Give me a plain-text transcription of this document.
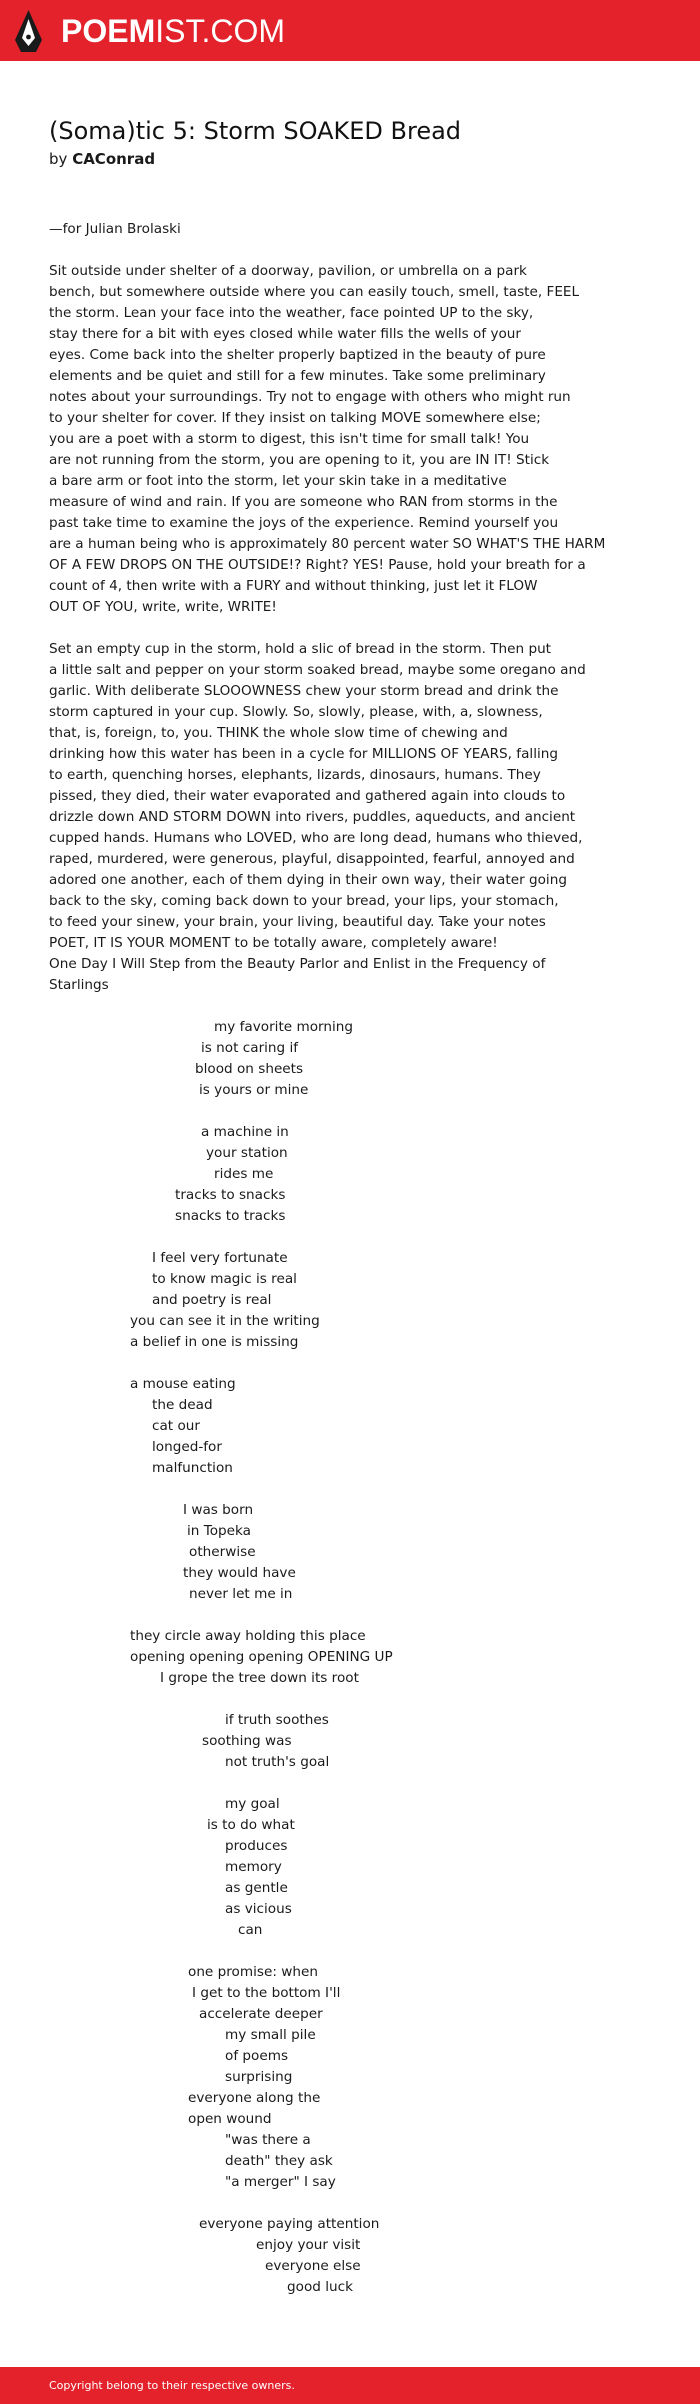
POEMIST.COM
(Soma)tic 5: Storm SOAKED Bread
by CAConrad
—for Julian Brolaski
Sit outside under shelter of a doorway, pavilion, or umbrella on a park
bench, but somewhere outside where you can easily touch, smell, taste, FEEL
the storm. Lean your face into the weather, face pointed UP to the sky,
stay there for a bit with eyes closed while water fills the wells of your
eyes. Come back into the shelter properly baptized in the beauty of pure
elements and be quiet and still for a few minutes. Take some preliminary
notes about your surroundings. Try not to engage with others who might run
to your shelter for cover. If they insist on talking MOVE somewhere else;
you are a poet with a storm to digest, this isn't time for small talk! You
are not running from the storm, you are opening to it, you are IN IT! Stick
a bare arm or foot into the storm, let your skin take in a meditative
measure of wind and rain. If you are someone who RAN from storms in the
past take time to examine the joys of the experience. Remind yourself you
are a human being who is approximately 80 percent water SO WHAT'S THE HARM
OF A FEW DROPS ON THE OUTSIDE!? Right? YES! Pause, hold your breath for a
count of 4, then write with a FURY and without thinking, just let it FLOW
OUT OF YOU, write, write, WRITE!
Set an empty cup in the storm, hold a slic of bread in the storm. Then put
a little salt and pepper on your storm soaked bread, maybe some oregano and
garlic. With deliberate SLOOOWNESS chew your storm bread and drink the
storm captured in your cup. Slowly. So, slowly, please, with, a, slowness,
that, is, foreign, to, you. THINK the whole slow time of chewing and
drinking how this water has been in a cycle for MILLIONS OF YEARS, falling
to earth, quenching horses, elephants, lizards, dinosaurs, humans. They
pissed, they died, their water evaporated and gathered again into clouds to
drizzle down AND STORM DOWN into rivers, puddles, aqueducts, and ancient
cupped hands. Humans who LOVED, who are long dead, humans who thieved,
raped, murdered, were generous, playful, disappointed, fearful, annoyed and
adored one another, each of them dying in their own way, their water going
back to the sky, coming back down to your bread, your lips, your stomach,
to feed your sinew, your brain, your living, beautiful day. Take your notes
POET, IT IS YOUR MOMENT to be totally aware, completely aware!
One Day I Will Step from the Beauty Parlor and Enlist in the Frequency of
Starlings
my favorite morning
is not caring if
blood on sheets
is yours or mine
a machine in
your station
rides me
tracks to snacks
snacks to tracks
I feel very fortunate
to know magic is real
and poetry is real
you can see it in the writing
a belief in one is missing
a mouse eating
the dead
cat our
longed-for
malfunction
I was born
in Topeka
otherwise
they would have
never let me in
they circle away holding this place
opening opening opening OPENING UP
I grope the tree down its root
if truth soothes
soothing was
not truth's goal
my goal
is to do what
produces
memory
as gentle
as vicious
can
one promise: when
I get to the bottom I'll
accelerate deeper
my small pile
of poems
surprising
everyone along the
open wound
"was there a
death" they ask
"a merger" I say
everyone paying attention
enjoy your visit
everyone else
good luck
Copyright belong to their respective owners.
